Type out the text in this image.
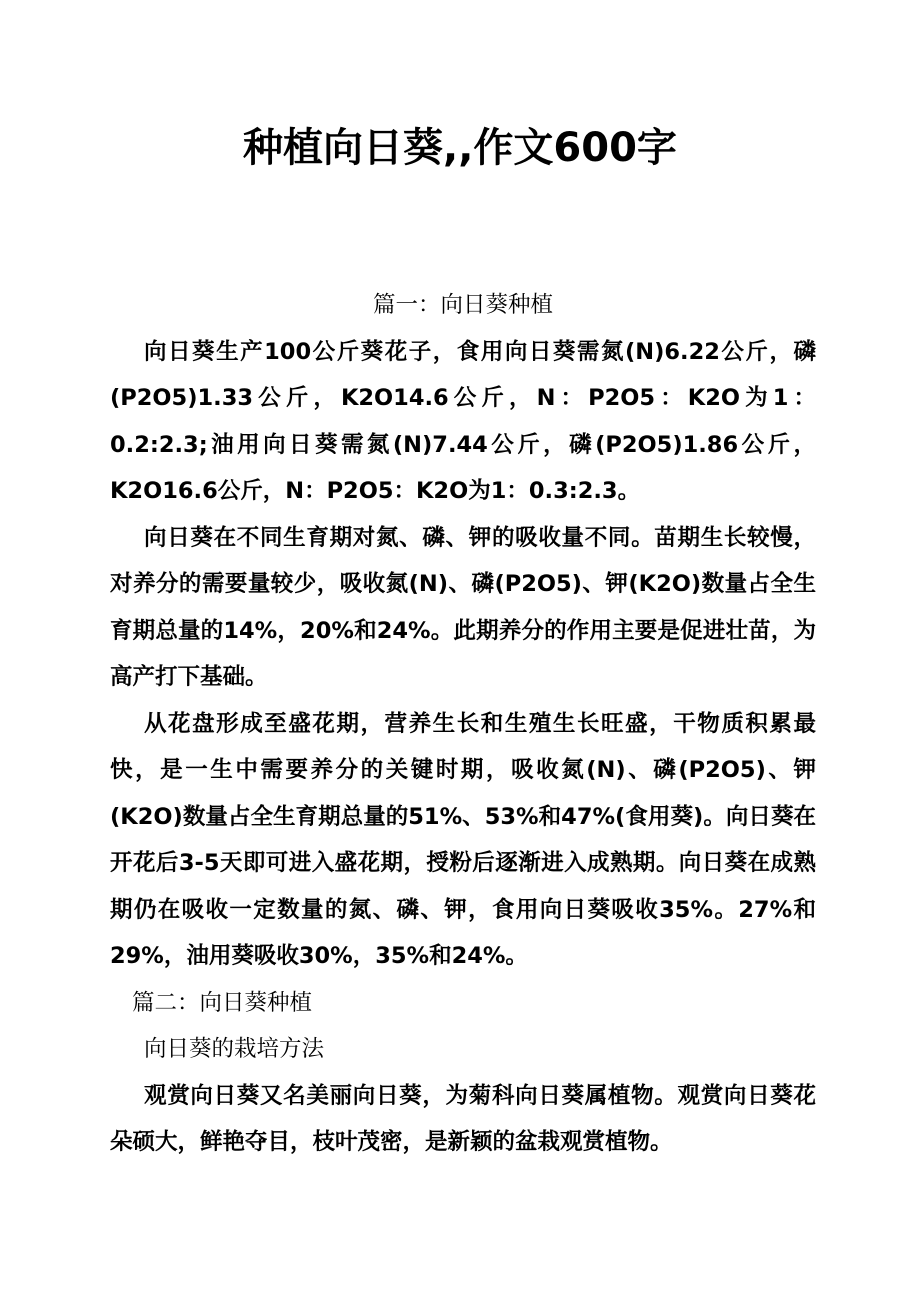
种植向日葵,,作文600字
篇一：向日葵种植

向日葵生产100公斤葵花子，食用向日葵需氮(N)6.22公斤，磷(P2O5)1.33公斤，K2O14.6公斤，N：P2O5：K2O为1：0.2:2.3;油用向日葵需氮(N)7.44公斤，磷(P2O5)1.86公斤，K2O16.6公斤，N：P2O5：K2O为1：0.3:2.3。

向日葵在不同生育期对氮、磷、钾的吸收量不同。苗期生长较慢，对养分的需要量较少，吸收氮(N)、磷(P2O5)、钾(K2O)数量占全生育期总量的14%，20%和24%。此期养分的作用主要是促进壮苗，为高产打下基础。

从花盘形成至盛花期，营养生长和生殖生长旺盛，干物质积累最快，是一生中需要养分的关键时期，吸收氮(N)、磷(P2O5)、钾(K2O)数量占全生育期总量的51%、53%和47%(食用葵)。向日葵在开花后3-5天即可进入盛花期，授粉后逐渐进入成熟期。向日葵在成熟期仍在吸收一定数量的氮、磷、钾，食用向日葵吸收35%。27%和29%，油用葵吸收30%，35%和24%。

篇二：向日葵种植
向日葵的栽培方法

观赏向日葵又名美丽向日葵，为菊科向日葵属植物。观赏向日葵花朵硕大，鲜艳夺目，枝叶茂密，是新颖的盆栽观赏植物。
